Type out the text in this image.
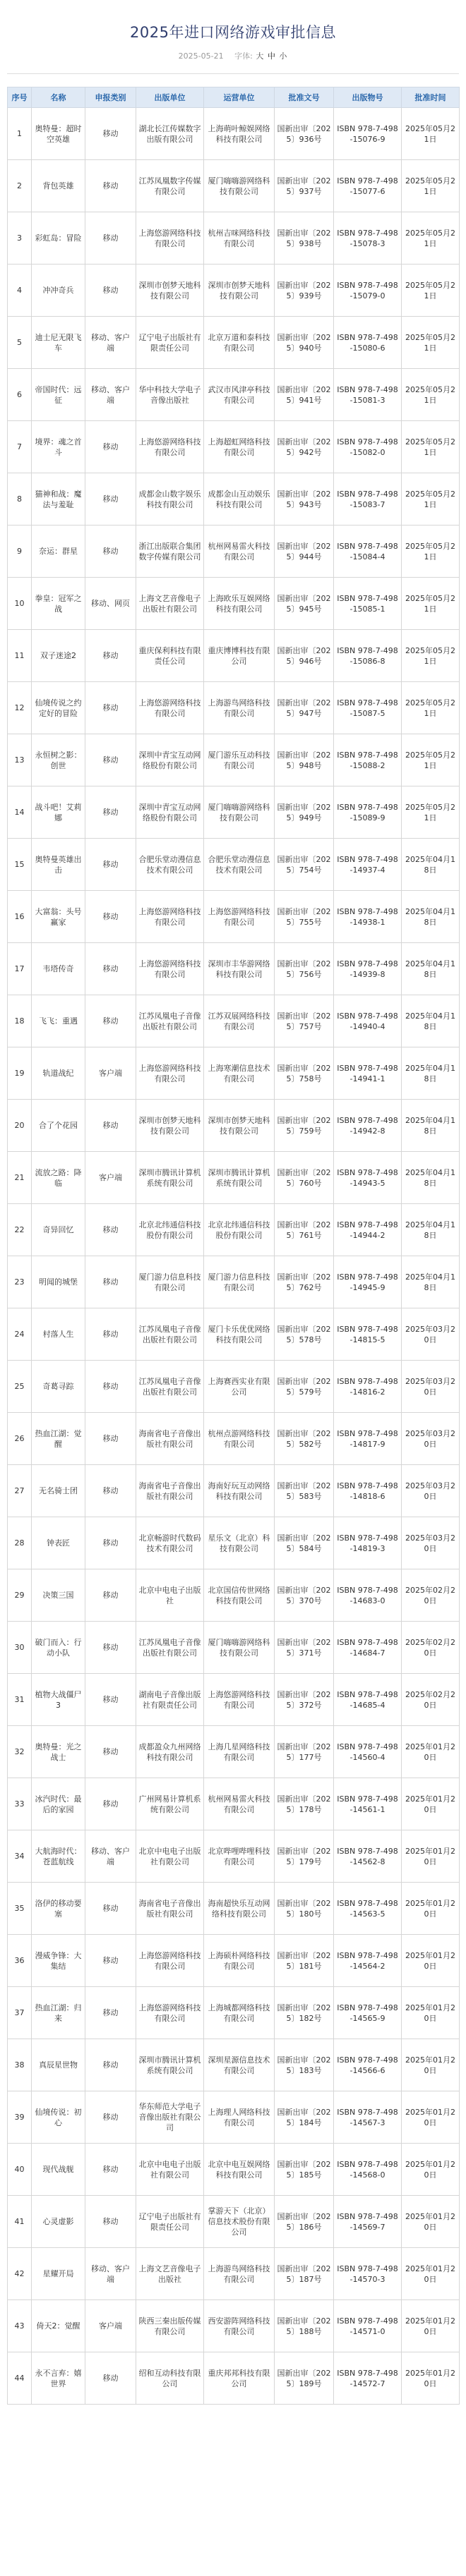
2025年进口网络游戏审批信息
2025-05-21 字体: 大 中 小
序号	名称	申报类别	出版单位	运营单位	批准文号	出版物号	批准时间
1	奥特曼：超时空英雄	移动	湖北长江传媒数字出版有限公司	上海萌叶鲸娱网络科技有限公司	国新出审〔2025〕936号	ISBN 978-7-498-15076-9	2025年05月21日
2	背包英雄	移动	江苏凤凰数字传媒有限公司	厦门嗨嗨游网络科技有限公司	国新出审〔2025〕937号	ISBN 978-7-498-15077-6	2025年05月21日
3	彩虹岛：冒险	移动	上海悠游网络科技有限公司	杭州吉咪网络科技有限公司	国新出审〔2025〕938号	ISBN 978-7-498-15078-3	2025年05月21日
4	冲冲奇兵	移动	深圳市创梦天地科技有限公司	深圳市创梦天地科技有限公司	国新出审〔2025〕939号	ISBN 978-7-498-15079-0	2025年05月21日
5	迪士尼无限飞车	移动、客户端	辽宁电子出版社有限责任公司	北京万道和泰科技有限公司	国新出审〔2025〕940号	ISBN 978-7-498-15080-6	2025年05月21日
6	帝国时代：远征	移动、客户端	华中科技大学电子音像出版社	武汉市风津亭科技有限公司	国新出审〔2025〕941号	ISBN 978-7-498-15081-3	2025年05月21日
7	境界：魂之首斗	移动	上海悠游网络科技有限公司	上海超虹网络科技有限公司	国新出审〔2025〕942号	ISBN 978-7-498-15082-0	2025年05月21日
8	猫神和战：魔法与羞耻	移动	成都金山数字娱乐科技有限公司	成都金山互动娱乐科技有限公司	国新出审〔2025〕943号	ISBN 978-7-498-15083-7	2025年05月21日
9	奈运：群星	移动	浙江出版联合集团数字传媒有限公司	杭州网易雷火科技有限公司	国新出审〔2025〕944号	ISBN 978-7-498-15084-4	2025年05月21日
10	拳皇：冠军之战	移动、网页	上海文艺音像电子出版社有限公司	上海欧乐互娱网络科技有限公司	国新出审〔2025〕945号	ISBN 978-7-498-15085-1	2025年05月21日
11	双子迷途2	移动	重庆保利科技有限责任公司	重庆博博科技有限公司	国新出审〔2025〕946号	ISBN 978-7-498-15086-8	2025年05月21日
12	仙境传说之约定好的冒险	移动	上海悠游网络科技有限公司	上海游鸟网络科技有限公司	国新出审〔2025〕947号	ISBN 978-7-498-15087-5	2025年05月21日
13	永恒树之影：创世	移动	深圳中青宝互动网络股份有限公司	厦门游乐互动科技有限公司	国新出审〔2025〕948号	ISBN 978-7-498-15088-2	2025年05月21日
14	战斗吧！艾莉娜	移动	深圳中青宝互动网络股份有限公司	厦门嗨嗨游网络科技有限公司	国新出审〔2025〕949号	ISBN 978-7-498-15089-9	2025年05月21日
15	奥特曼英雄出击	移动	合肥乐堂动漫信息技术有限公司	合肥乐堂动漫信息技术有限公司	国新出审〔2025〕754号	ISBN 978-7-498-14937-4	2025年04月18日
16	大富翁：头号赢家	移动	上海悠游网络科技有限公司	上海悠游网络科技有限公司	国新出审〔2025〕755号	ISBN 978-7-498-14938-1	2025年04月18日
17	韦塔传奇	移动	上海悠游网络科技有限公司	深圳市丰华游网络科技有限公司	国新出审〔2025〕756号	ISBN 978-7-498-14939-8	2025年04月18日
18	飞飞：重遇	移动	江苏凤凰电子音像出版社有限公司	江苏双展网络科技有限公司	国新出审〔2025〕757号	ISBN 978-7-498-14940-4	2025年04月18日
19	轨道战纪	客户端	上海悠游网络科技有限公司	上海寒潮信息技术有限公司	国新出审〔2025〕758号	ISBN 978-7-498-14941-1	2025年04月18日
20	合了个花园	移动	深圳市创梦天地科技有限公司	深圳市创梦天地科技有限公司	国新出审〔2025〕759号	ISBN 978-7-498-14942-8	2025年04月18日
21	流放之路：降临	客户端	深圳市腾讯计算机系统有限公司	深圳市腾讯计算机系统有限公司	国新出审〔2025〕760号	ISBN 978-7-498-14943-5	2025年04月18日
22	奇异回忆	移动	北京北纬通信科技股份有限公司	北京北纬通信科技股份有限公司	国新出审〔2025〕761号	ISBN 978-7-498-14944-2	2025年04月18日
23	明闻的城堡	移动	厦门游力信息科技有限公司	厦门游力信息科技有限公司	国新出审〔2025〕762号	ISBN 978-7-498-14945-9	2025年04月18日
24	村落人生	移动	江苏凤凰电子音像出版社有限公司	厦门卡乐优优网络科技有限公司	国新出审〔2025〕578号	ISBN 978-7-498-14815-5	2025年03月20日
25	奇葛寻踪	移动	江苏凤凰电子音像出版社有限公司	上海赛西实业有限公司	国新出审〔2025〕579号	ISBN 978-7-498-14816-2	2025年03月20日
26	热血江湖：觉醒	移动	海南省电子音像出版社有限公司	杭州点游网络科技有限公司	国新出审〔2025〕582号	ISBN 978-7-498-14817-9	2025年03月20日
27	无名骑士团	移动	海南省电子音像出版社有限公司	海南好玩互动网络科技有限公司	国新出审〔2025〕583号	ISBN 978-7-498-14818-6	2025年03月20日
28	钟表匠	移动	北京畅游时代数码技术有限公司	星乐文（北京）科技有限公司	国新出审〔2025〕584号	ISBN 978-7-498-14819-3	2025年03月20日
29	决策三国	移动	北京中电电子出版社	北京国信传世网络科技有限公司	国新出审〔2025〕370号	ISBN 978-7-498-14683-0	2025年02月20日
30	破门而入：行动小队	移动	江苏凤凰电子音像出版社有限公司	厦门嗨嗨游网络科技有限公司	国新出审〔2025〕371号	ISBN 978-7-498-14684-7	2025年02月20日
31	植物大战僵尸3	移动	湖南电子音像出版社有限责任公司	上海悠游网络科技有限公司	国新出审〔2025〕372号	ISBN 978-7-498-14685-4	2025年02月20日
32	奥特曼：光之战士	移动	成都盈众九州网络科技有限公司	上海几星网络科技有限公司	国新出审〔2025〕177号	ISBN 978-7-498-14560-4	2025年01月20日
33	冰汽时代：最后的家园	移动	广州网易计算机系统有限公司	杭州网易雷火科技有限公司	国新出审〔2025〕178号	ISBN 978-7-498-14561-1	2025年01月20日
34	大航海时代：苍蓝航线	移动、客户端	北京中电电子出版社有限公司	北京哔哩哔哩科技有限公司	国新出审〔2025〕179号	ISBN 978-7-498-14562-8	2025年01月20日
35	洛伊的移动要塞	移动	海南省电子音像出版社有限公司	海南超快乐互动网络科技有限公司	国新出审〔2025〕180号	ISBN 978-7-498-14563-5	2025年01月20日
36	漫威争锋：大集结	移动	上海悠游网络科技有限公司	上海硕朴网络科技有限公司	国新出审〔2025〕181号	ISBN 978-7-498-14564-2	2025年01月20日
37	热血江湖：归来	移动	上海悠游网络科技有限公司	上海城都网络科技有限公司	国新出审〔2025〕182号	ISBN 978-7-498-14565-9	2025年01月20日
38	真辰星世物	移动	深圳市腾讯计算机系统有限公司	深圳星源信息技术有限公司	国新出审〔2025〕183号	ISBN 978-7-498-14566-6	2025年01月20日
39	仙境传说：初心	移动	华东师范大学电子音像出版社有限公司	上海理人网络科技有限公司	国新出审〔2025〕184号	ISBN 978-7-498-14567-3	2025年01月20日
40	现代战舰	移动	北京中电电子出版社有限公司	北京中电互娱网络科技有限公司	国新出审〔2025〕185号	ISBN 978-7-498-14568-0	2025年01月20日
41	心灵虚影	移动	辽宁电子出版社有限责任公司	掌游天下（北京）信息技术股份有限公司	国新出审〔2025〕186号	ISBN 978-7-498-14569-7	2025年01月20日
42	星耀开局	移动、客户端	上海文艺音像电子出版社	上海游鸟网络科技有限公司	国新出审〔2025〕187号	ISBN 978-7-498-14570-3	2025年01月20日
43	倚天2：觉醒	客户端	陕西三秦出版传媒有限公司	西安游阵网络科技有限公司	国新出审〔2025〕188号	ISBN 978-7-498-14571-0	2025年01月20日
44	永不言弃：嬉世界	移动	绍和互动科技有限公司	重庆邦邦科技有限公司	国新出审〔2025〕189号	ISBN 978-7-498-14572-7	2025年01月20日
